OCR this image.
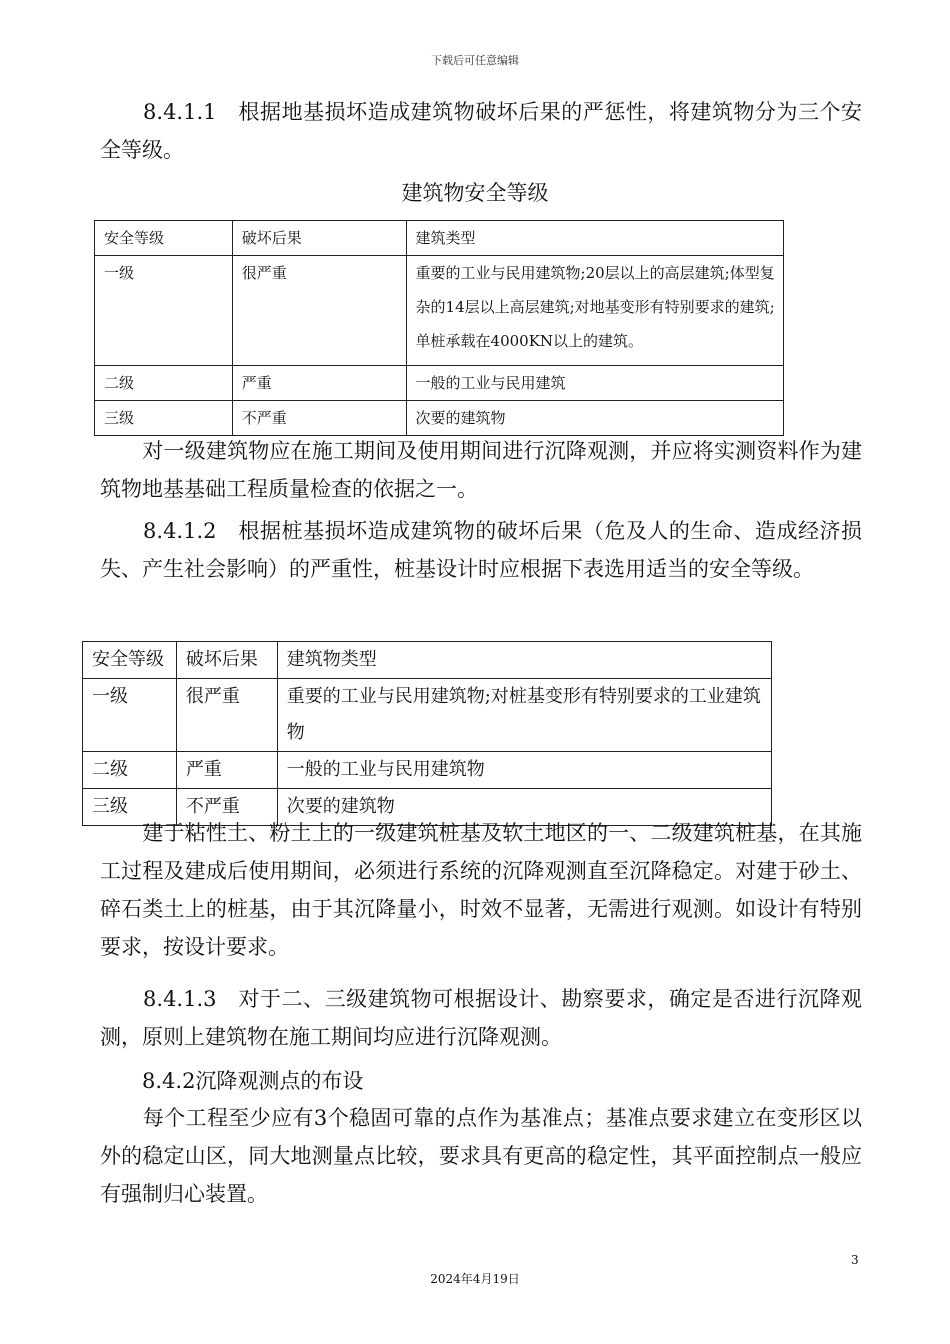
下载后可任意编辑
　　8.4.1.1　根据地基损坏造成建筑物破坏后果的严惩性，将建筑物分为三个安全等级。
建筑物安全等级
安全等级	破坏后果	建筑类型
一级	很严重	重要的工业与民用建筑物;20层以上的高层建筑;体型复杂的14层以上高层建筑;对地基变形有特别要求的建筑;单桩承载在4000KN以上的建筑。
二级	严重	一般的工业与民用建筑
三级	不严重	次要的建筑物
　　对一级建筑物应在施工期间及使用期间进行沉降观测，并应将实测资料作为建筑物地基基础工程质量检查的依据之一。
　　8.4.1.2　根据桩基损坏造成建筑物的破坏后果（危及人的生命、造成经济损失、产生社会影响）的严重性，桩基设计时应根据下表选用适当的安全等级。
安全等级	破坏后果	建筑物类型
一级	很严重	重要的工业与民用建筑物;对桩基变形有特别要求的工业建筑物
二级	严重	一般的工业与民用建筑物
三级	不严重	次要的建筑物
　　建于粘性土、粉土上的一级建筑桩基及软土地区的一、二级建筑桩基，在其施工过程及建成后使用期间，必须进行系统的沉降观测直至沉降稳定。对建于砂土、碎石类土上的桩基，由于其沉降量小，时效不显著，无需进行观测。如设计有特别要求，按设计要求。
　　8.4.1.3　对于二、三级建筑物可根据设计、勘察要求，确定是否进行沉降观测，原则上建筑物在施工期间均应进行沉降观测。
　　8.4.2沉降观测点的布设
　　每个工程至少应有3个稳固可靠的点作为基准点；基准点要求建立在变形区以外的稳定山区，同大地测量点比较，要求具有更高的稳定性，其平面控制点一般应有强制归心装置。
3
2024年4月19日
